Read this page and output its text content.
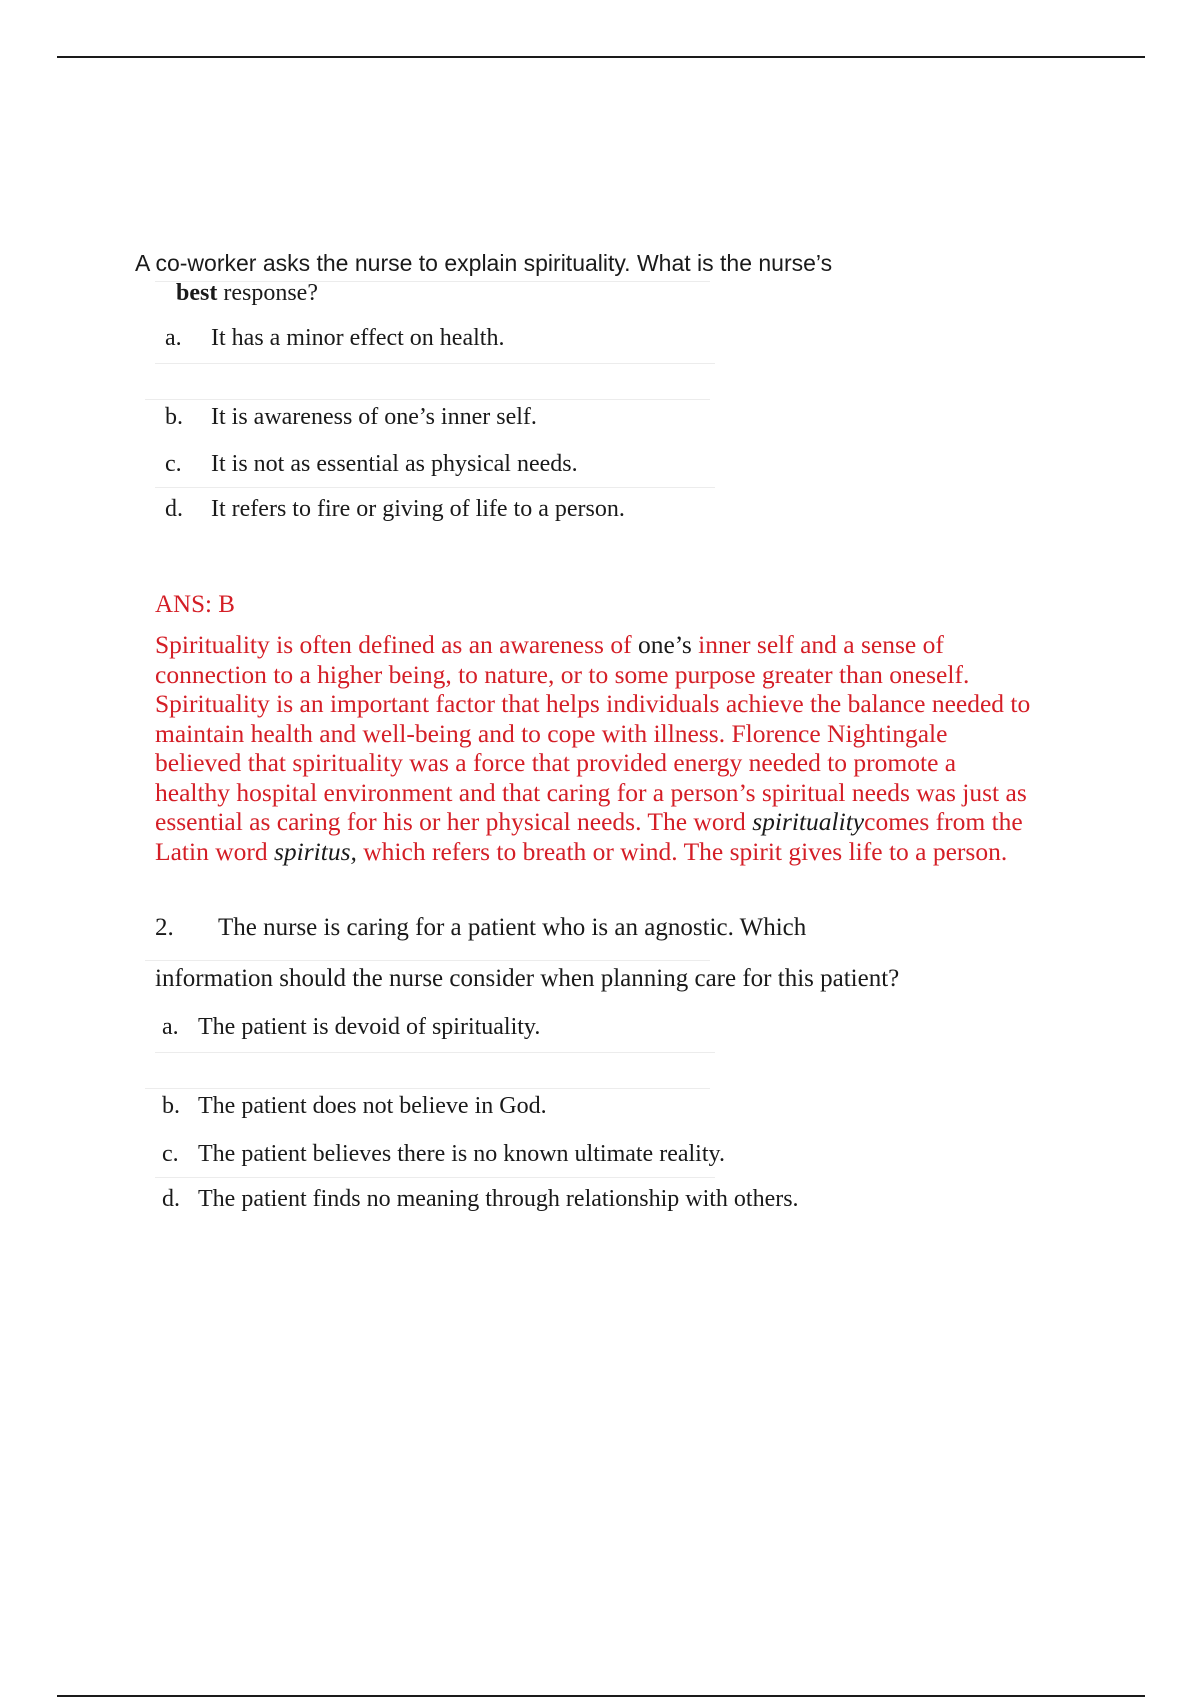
A co-worker asks the nurse to explain spirituality. What is the nurse’s
best response?
a. It has a minor effect on health.
b. It is awareness of one’s inner self.
c. It is not as essential as physical needs.
d. It refers to fire or giving of life to a person.
ANS: B
Spirituality is often defined as an awareness of one’s inner self and a sense of connection to a higher being, to nature, or to some purpose greater than oneself. Spirituality is an important factor that helps individuals achieve the balance needed to maintain health and well-being and to cope with illness. Florence Nightingale believed that spirituality was a force that provided energy needed to promote a healthy hospital environment and that caring for a person’s spiritual needs was just as essential as caring for his or her physical needs. The word spiritualitycomes from the Latin word spiritus, which refers to breath or wind. The spirit gives life to a person.
2. The nurse is caring for a patient who is an agnostic. Which
information should the nurse consider when planning care for this patient?
a. The patient is devoid of spirituality.
b. The patient does not believe in God.
c. The patient believes there is no known ultimate reality.
d. The patient finds no meaning through relationship with others.
